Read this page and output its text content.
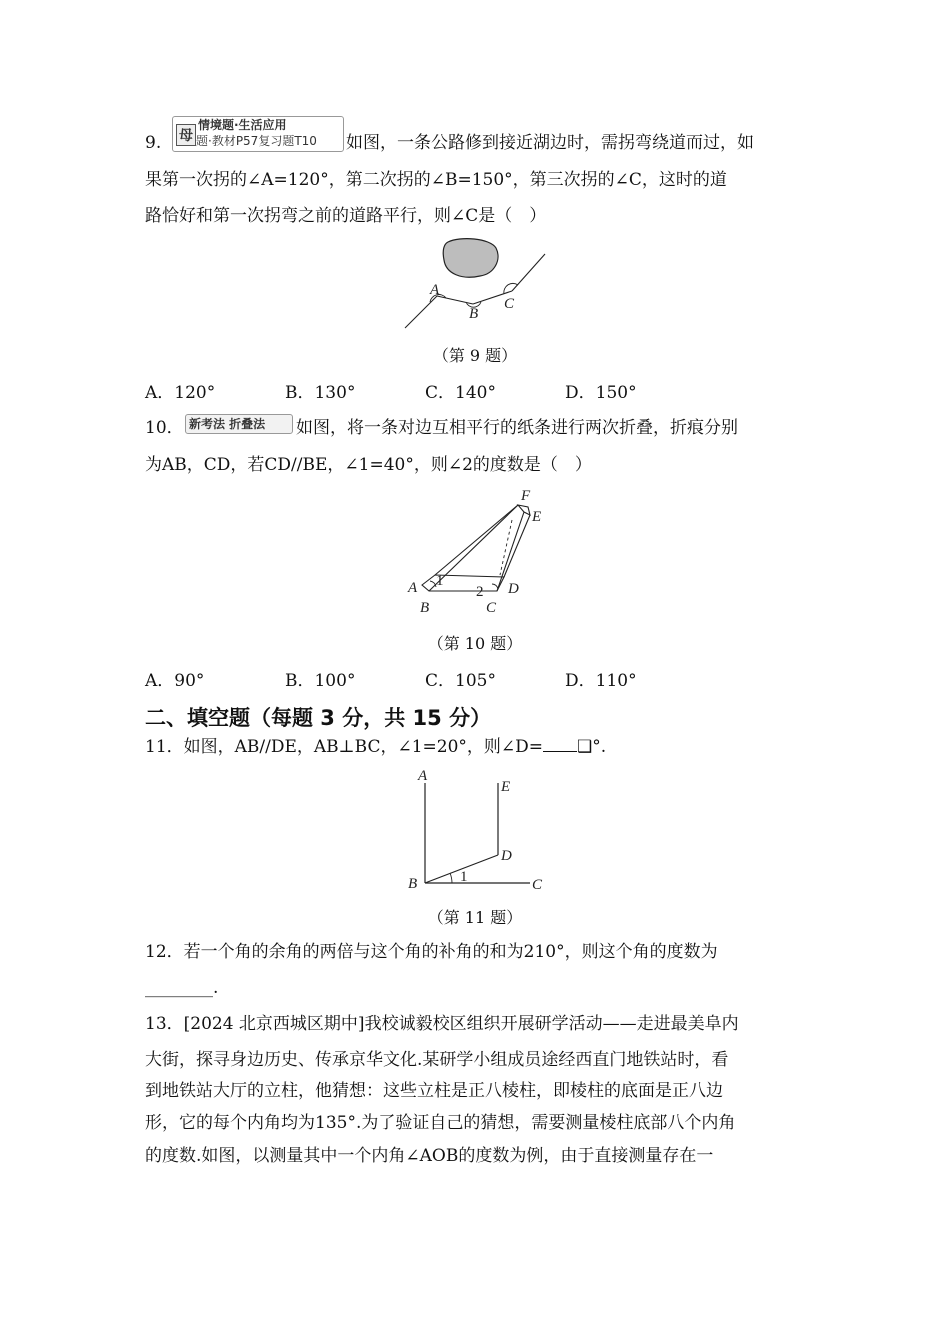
9. 母
情境题·生活应用
题·教材P57复习题T10 如图，一条公路修到接近湖边时，需拐弯绕道而过，如
果第一次拐的∠A=120°，第二次拐的∠B=150°，第三次拐的∠C，这时的道
路恰好和第一次拐弯之前的道路平行，则∠C是（　）
A
B
C
（第 9 题）
A．120°	B．130°	C．140°	D．150°
10． 新考法 折叠法 如图，将一条对边互相平行的纸条进行两次折叠，折痕分别
为AB，CD，若CD//BE，∠1=40°，则∠2的度数是（　）
A
B	C
D
E
F
1
2
（第 10 题）
A．90°	B．100°	C．105°	D．110°
二、填空题（每题 3 分，共 15 分）
11．如图，AB//DE，AB⊥BC，∠1=20°，则∠D= ❑°.
A
B	C
D
E
1
（第 11 题）
12．若一个角的余角的两倍与这个角的补角的和为210°，则这个角的度数为
________.
13．[2024 北京西城区期中]我校诚毅校区组织开展研学活动——走进最美阜内
大街，探寻身边历史、传承京华文化.某研学小组成员途经西直门地铁站时，看
到地铁站大厅的立柱，他猜想：这些立柱是正八棱柱，即棱柱的底面是正八边
形，它的每个内角均为135°.为了验证自己的猜想，需要测量棱柱底部八个内角
的度数.如图，以测量其中一个内角∠AOB的度数为例，由于直接测量存在一
